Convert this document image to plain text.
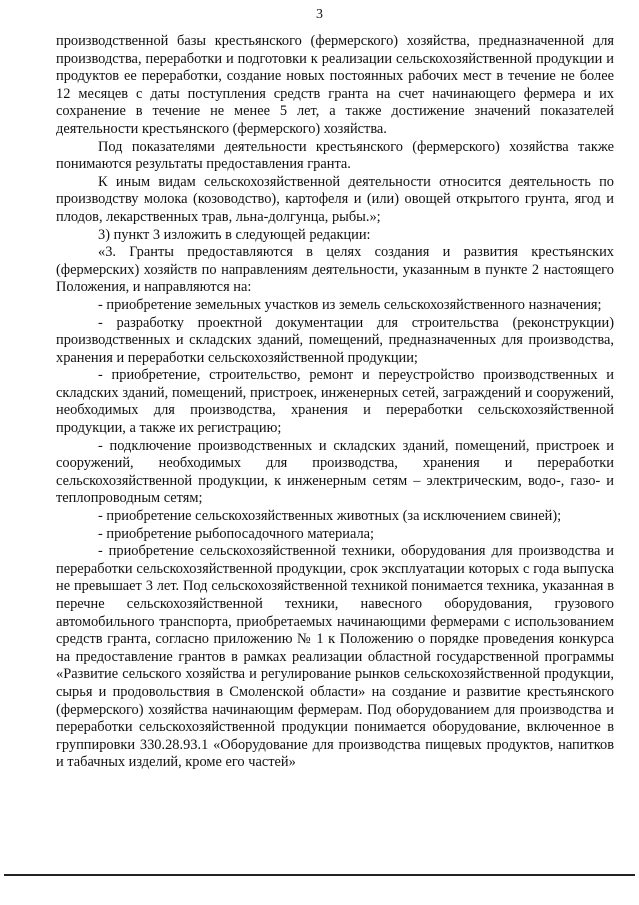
3

производственной базы крестьянского (фермерского) хозяйства, предназначенной для производства, переработки и подготовки к реализации сельскохозяйственной продукции и продуктов ее переработки, создание новых постоянных рабочих мест в течение не более 12 месяцев с даты поступления средств гранта на счет начинающего фермера и их сохранение в течение не менее 5 лет, а также достижение значений показателей деятельности крестьянского (фермерского) хозяйства.

Под показателями деятельности крестьянского (фермерского) хозяйства также понимаются результаты предоставления гранта.

К иным видам сельскохозяйственной деятельности относится деятельность по производству молока (козоводство), картофеля и (или) овощей открытого грунта, ягод и плодов, лекарственных трав, льна-долгунца, рыбы.»;

3) пункт 3 изложить в следующей редакции:

«3. Гранты предоставляются в целях создания и развития крестьянских (фермерских) хозяйств по направлениям деятельности, указанным в пункте 2 настоящего Положения, и направляются на:

- приобретение земельных участков из земель сельскохозяйственного назначения;

- разработку проектной документации для строительства (реконструкции) производственных и складских зданий, помещений, предназначенных для производства, хранения и переработки сельскохозяйственной продукции;

- приобретение, строительство, ремонт и переустройство производственных и складских зданий, помещений, пристроек, инженерных сетей, заграждений и сооружений, необходимых для производства, хранения и переработки сельскохозяйственной продукции, а также их регистрацию;

- подключение производственных и складских зданий, помещений, пристроек и сооружений, необходимых для производства, хранения и переработки сельскохозяйственной продукции, к инженерным сетям – электрическим, водо-, газо- и теплопроводным сетям;

- приобретение сельскохозяйственных животных (за исключением свиней);

- приобретение рыбопосадочного материала;

- приобретение сельскохозяйственной техники, оборудования для производства и переработки сельскохозяйственной продукции, срок эксплуатации которых с года выпуска не превышает 3 лет. Под сельскохозяйственной техникой понимается техника, указанная в перечне сельскохозяйственной техники, навесного оборудования, грузового автомобильного транспорта, приобретаемых начинающими фермерами с использованием средств гранта, согласно приложению № 1 к Положению о порядке проведения конкурса на предоставление грантов в рамках реализации областной государственной программы «Развитие сельского хозяйства и регулирование рынков сельскохозяйственной продукции, сырья и продовольствия в Смоленской области» на создание и развитие крестьянского (фермерского) хозяйства начинающим фермерам. Под оборудованием для производства и переработки сельскохозяйственной продукции понимается оборудование, включенное в группировки 330.28.93.1 «Оборудование для производства пищевых продуктов, напитков и табачных изделий, кроме его частей»
